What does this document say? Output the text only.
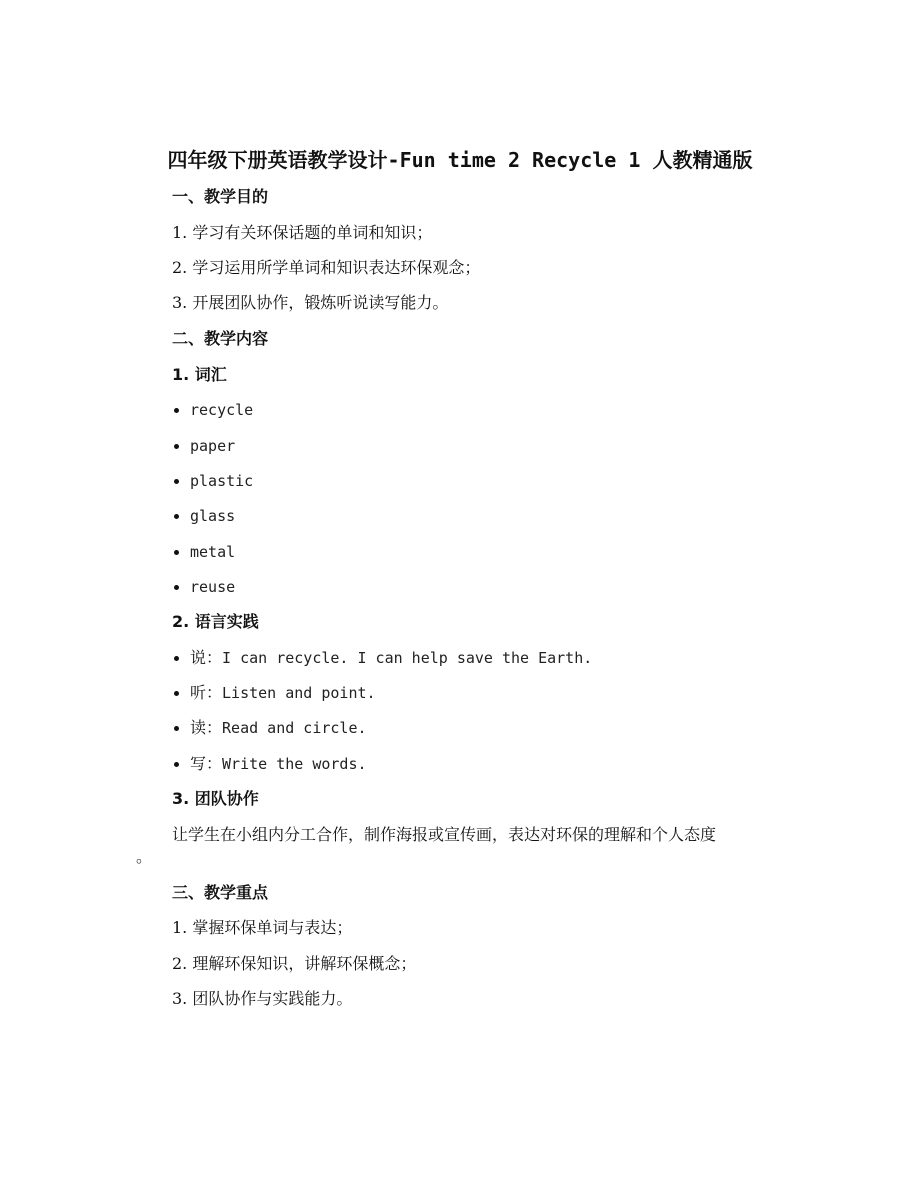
四年级下册英语教学设计-Fun time 2 Recycle 1 人教精通版
一、教学目的
1. 学习有关环保话题的单词和知识；
2. 学习运用所学单词和知识表达环保观念；
3. 开展团队协作，锻炼听说读写能力。
二、教学内容
1. 词汇
recycle
paper
plastic
glass
metal
reuse
2. 语言实践
说： I can recycle. I can help save the Earth.
听： Listen and point.
读： Read and circle.
写： Write the words.
3. 团队协作
让学生在小组内分工合作，制作海报或宣传画，表达对环保的理解和个人态度
。
三、教学重点
1. 掌握环保单词与表达；
2. 理解环保知识，讲解环保概念；
3. 团队协作与实践能力。
